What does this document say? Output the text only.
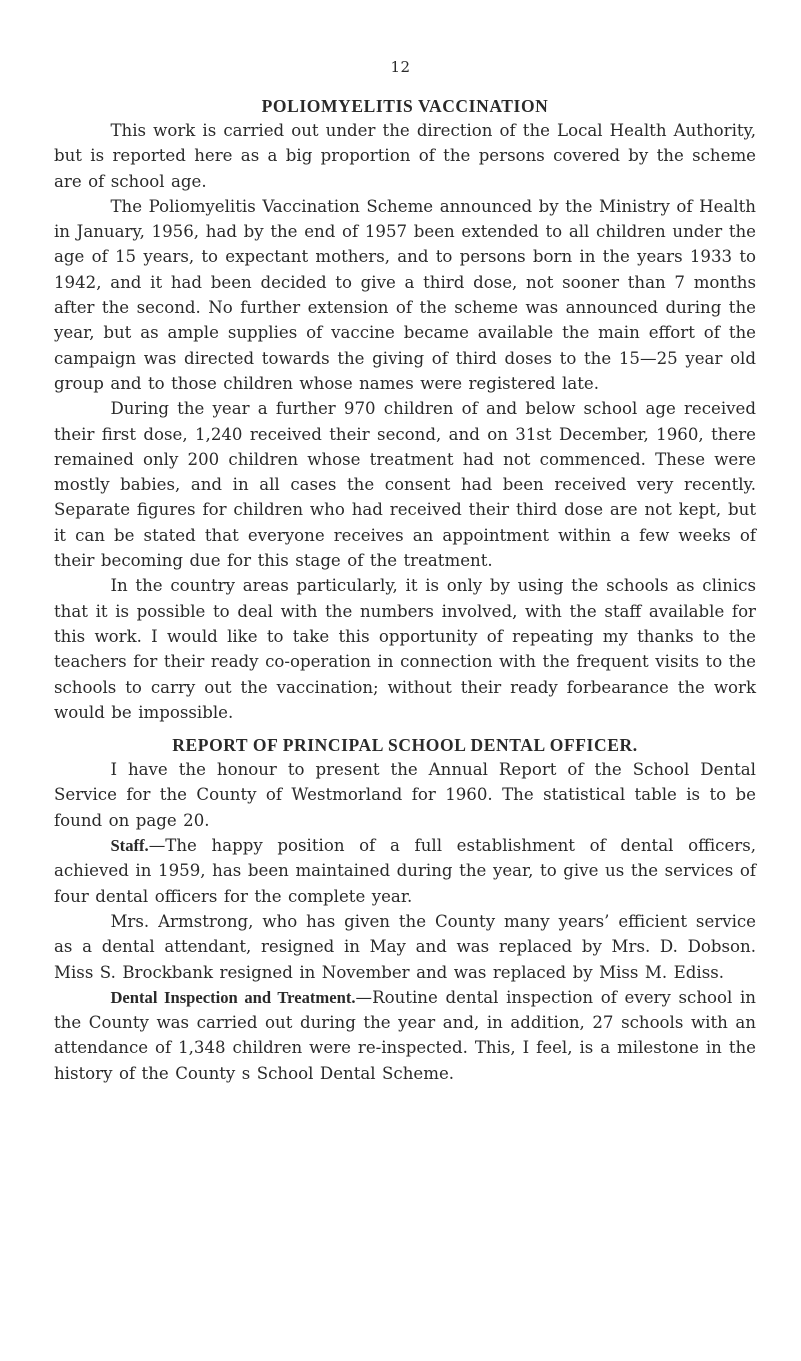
12
POLIOMYELITIS VACCINATION

This work is carried out under the direction of the Local Health Authority, but is reported here as a big proportion of the persons covered by the scheme are of school age.

The Poliomyelitis Vaccination Scheme announced by the Ministry of Health in January, 1956, had by the end of 1957 been extended to all children under the age of 15 years, to expectant mothers, and to persons born in the years 1933 to 1942, and it had been decided to give a third dose, not sooner than 7 months after the second. No further extension of the scheme was announced during the year, but as ample supplies of vaccine became available the main effort of the campaign was directed towards the giving of third doses to the 15—25 year old group and to those children whose names were registered late.

During the year a further 970 children of and below school age received their first dose, 1,240 received their second, and on 31st December, 1960, there remained only 200 children whose treatment had not commenced. These were mostly babies, and in all cases the consent had been received very recently. Separate figures for children who had received their third dose are not kept, but it can be stated that everyone receives an appointment within a few weeks of their becoming due for this stage of the treatment.

In the country areas particularly, it is only by using the schools as clinics that it is possible to deal with the numbers involved, with the staff available for this work. I would like to take this opportunity of repeating my thanks to the teachers for their ready co-operation in connection with the frequent visits to the schools to carry out the vaccination; without their ready forbearance the work would be impossible.

REPORT OF PRINCIPAL SCHOOL DENTAL OFFICER.

I have the honour to present the Annual Report of the School Dental Service for the County of Westmorland for 1960. The statistical table is to be found on page 20.

Staff.—The happy position of a full establishment of dental officers, achieved in 1959, has been maintained during the year, to give us the services of four dental officers for the complete year.

Mrs. Armstrong, who has given the County many years’ efficient service as a dental attendant, resigned in May and was replaced by Mrs. D. Dobson. Miss S. Brockbank resigned in November and was replaced by Miss M. Ediss.

Dental Inspection and Treatment.—Routine dental inspection of every school in the County was carried out during the year and, in addition, 27 schools with an attendance of 1,348 children were re-inspected. This, I feel, is a milestone in the history of the County s School Dental Scheme.
